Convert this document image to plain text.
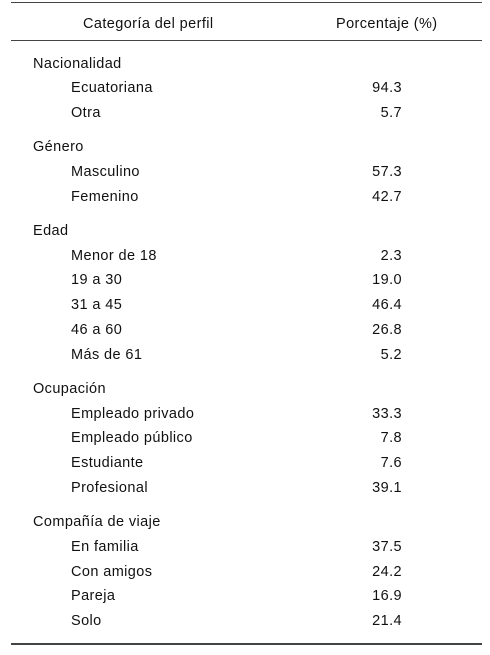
Categoría del perfil	Porcentaje (%)
Nacionalidad
Ecuatoriana	94.3
Otra	5.7
Género
Masculino	57.3
Femenino	42.7
Edad
Menor de 18	2.3
19 a 30	19.0
31 a 45	46.4
46 a 60	26.8
Más de 61	5.2
Ocupación
Empleado privado	33.3
Empleado público	7.8
Estudiante	7.6
Profesional	39.1
Compañía de viaje
En familia	37.5
Con amigos	24.2
Pareja	16.9
Solo	21.4
